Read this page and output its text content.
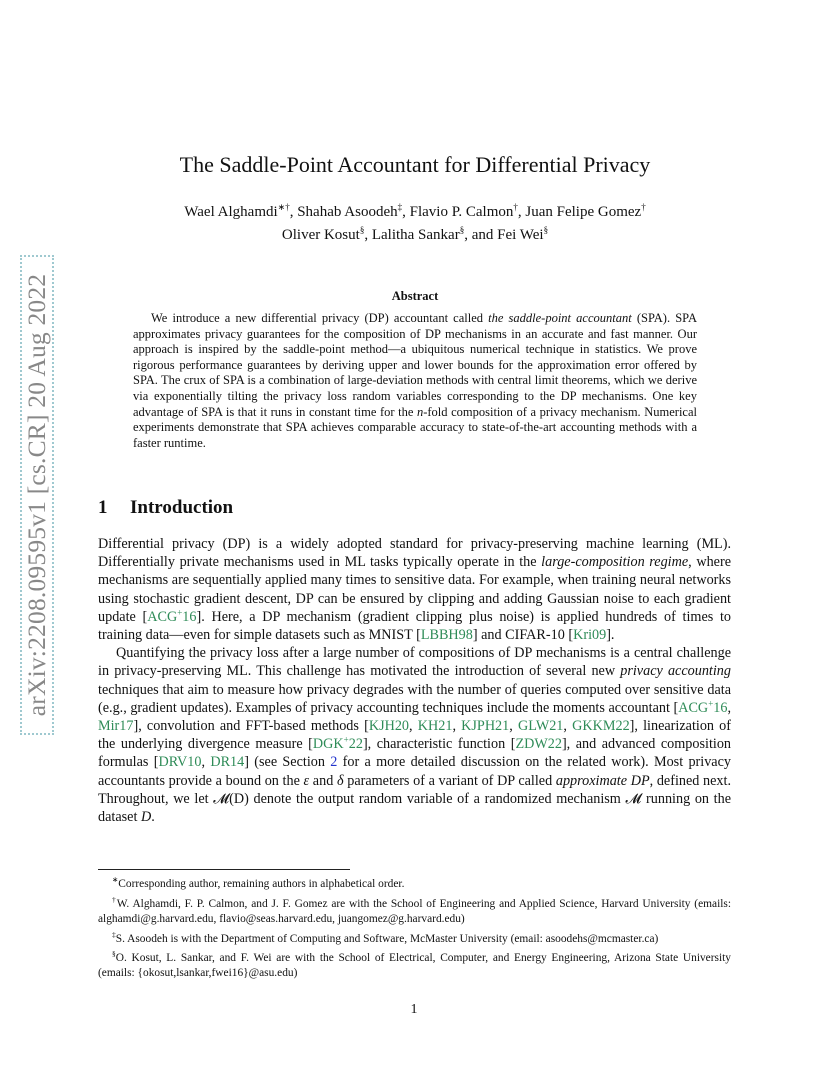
arXiv:2208.09595v1 [cs.CR] 20 Aug 2022
The Saddle-Point Accountant for Differential Privacy
Wael Alghamdi∗†, Shahab Asoodeh‡, Flavio P. Calmon†, Juan Felipe Gomez†
Oliver Kosut§, Lalitha Sankar§, and Fei Wei§
Abstract

We introduce a new differential privacy (DP) accountant called the saddle-point accountant (SPA). SPA approximates privacy guarantees for the composition of DP mechanisms in an accurate and fast manner. Our approach is inspired by the saddle-point method—a ubiquitous numerical technique in statistics. We prove rigorous performance guarantees by deriving upper and lower bounds for the approximation error offered by SPA. The crux of SPA is a combination of large-deviation methods with central limit theorems, which we derive via exponentially tilting the privacy loss random variables corresponding to the DP mechanisms. One key advantage of SPA is that it runs in constant time for the n-fold composition of a privacy mechanism. Numerical experiments demonstrate that SPA achieves comparable accuracy to state-of-the-art accounting methods with a faster runtime.

1 Introduction

Differential privacy (DP) is a widely adopted standard for privacy-preserving machine learning (ML). Differentially private mechanisms used in ML tasks typically operate in the large-composition regime, where mechanisms are sequentially applied many times to sensitive data. For example, when training neural networks using stochastic gradient descent, DP can be ensured by clipping and adding Gaussian noise to each gradient update [ACG+16]. Here, a DP mechanism (gradient clipping plus noise) is applied hundreds of times to training data—even for simple datasets such as MNIST [LBBH98] and CIFAR-10 [Kri09].

Quantifying the privacy loss after a large number of compositions of DP mechanisms is a central challenge in privacy-preserving ML. This challenge has motivated the introduction of several new privacy accounting techniques that aim to measure how privacy degrades with the number of queries computed over sensitive data (e.g., gradient updates). Examples of privacy accounting techniques include the moments accountant [ACG+16, Mir17], convolution and FFT-based methods [KJH20, KH21, KJPH21, GLW21, GKKM22], linearization of the underlying divergence measure [DGK+22], characteristic function [ZDW22], and advanced composition formulas [DRV10, DR14] (see Section 2 for a more detailed discussion on the related work). Most privacy accountants provide a bound on the ε and δ parameters of a variant of DP called approximate DP, defined next. Throughout, we let 𝓜(D) denote the output random variable of a randomized mechanism 𝓜 running on the dataset D.

∗Corresponding author, remaining authors in alphabetical order.

†W. Alghamdi, F. P. Calmon, and J. F. Gomez are with the School of Engineering and Applied Science, Harvard University (emails: alghamdi@g.harvard.edu, flavio@seas.harvard.edu, juangomez@g.harvard.edu)

‡S. Asoodeh is with the Department of Computing and Software, McMaster University (email: asoodehs@mcmaster.ca)

§O. Kosut, L. Sankar, and F. Wei are with the School of Electrical, Computer, and Energy Engineering, Arizona State University (emails: {okosut,lsankar,fwei16}@asu.edu)

1
